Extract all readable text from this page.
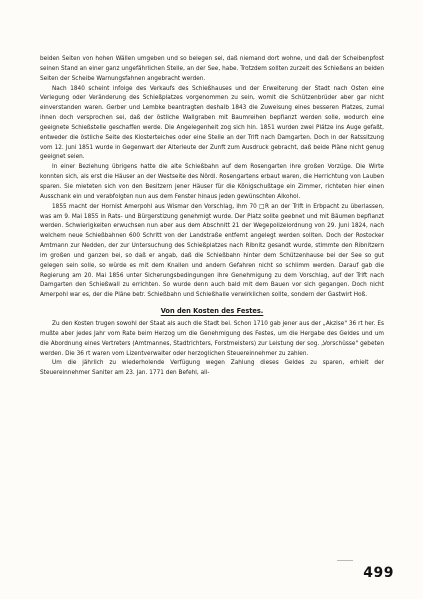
beiden Seiten von hohen Wällen umgeben und so belegen sei, daß niemand dort wohne, und daß der Scheibenpfost seinen Stand an einer ganz ungefährlichen Stelle, an der See, habe. Trotzdem sollten zurzeit des Schießens an beiden Seiten der Scheibe Warnungsfahnen angebracht werden.

Nach 1840 scheint infolge des Verkaufs des Schießhauses und der Erweiterung der Stadt nach Osten eine Verlegung oder Veränderung des Schießplatzes vorgenommen zu sein, womit die Schützenbrüder aber gar nicht einverstanden waren. Gerber und Lembke beantragten deshalb 1843 die Zuweisung eines besseren Platzes, zumal ihnen doch versprochen sei, daß der östliche Wallgraben mit Baumreihen bepflanzt werden solle, wodurch eine geeignete Schießstelle geschaffen werde. Die Angelegenheit zog sich hin. 1851 wurden zwei Plätze ins Auge gefaßt, entweder die östliche Seite des Klosterteiches oder eine Stelle an der Trift nach Damgarten. Doch in der Ratssitzung vom 12. Juni 1851 wurde in Gegenwart der Alterleute der Zunft zum Ausdruck gebracht, daß beide Pläne nicht genug geeignet seien.

In einer Beziehung übrigens hatte die alte Schießbahn auf dem Rosengarten ihre großen Vorzüge. Die Wirte konnten sich, als erst die Häuser an der Westseite des Nördl. Rosengartens erbaut waren, die Herrichtung von Lauben sparen. Sie mieteten sich von den Besitzern jener Häuser für die Königschußtage ein Zimmer, richteten hier einen Ausschank ein und verabfolgten nun aus dem Fenster hinaus jeden gewünschten Alkohol.

1855 macht der Hornist Amerpohl aus Wismar den Vorschlag, ihm 70 □R an der Trift in Erbpacht zu überlassen, was am 9. Mai 1855 in Rats- und Bürgerstizung genehmigt wurde. Der Platz sollte geebnet und mit Bäumen bepflanzt werden. Schwierigkeiten erwuchsen nun aber aus dem Abschnitt 21 der Wegepolizeiordnung von 29. Juni 1824, nach welchem neue Schießbahnen 600 Schritt von der Landstraße entfernt angelegt werden sollten. Doch der Rostocker Amtmann zur Nedden, der zur Untersuchung des Schießplatzes nach Ribnitz gesandt wurde, stimmte den Ribnitzern im großen und ganzen bei, so daß er angab, daß die Schießbahn hinter dem Schützenhause bei der See so gut gelegen sein solle, so würde es mit dem Knallen und andern Gefahren nicht so schlimm werden. Darauf gab die Regierung am 20. Mai 1856 unter Sicherungsbedingungen ihre Genehmigung zu dem Vorschlag, auf der Trift nach Damgarten den Schießwall zu errichten. So wurde denn auch bald mit dem Bauen vor sich gegangen. Doch nicht Amerpohl war es, der die Pläne betr. Schießbahn und Schießhalle verwirklichen sollte, sondern der Gastwirt Hoß.

Von den Kosten des Festes.

Zu den Kosten trugen sowohl der Staat als auch die Stadt bei. Schon 1710 gab jener aus der „Akzise" 36 rt her. Es mußte aber jedes Jahr vom Rate beim Herzog um die Genehmigung des Festes, um die Hergabe des Geldes und um die Abordnung eines Vertreters (Amtmannes, Stadtrichters, Forstmeisters) zur Leistung der sog. „Vorschüsse" gebeten werden. Die 36 rt waren vom Lizentverwalter oder herzoglichen Steuereinnehmer zu zahlen.

Um die jährlich zu wiederholende Verfügung wegen Zahlung dieses Geldes zu sparen, erhielt der Steuereinnehmer Saniter am 23. Jan. 1771 den Befehl, all-

499
